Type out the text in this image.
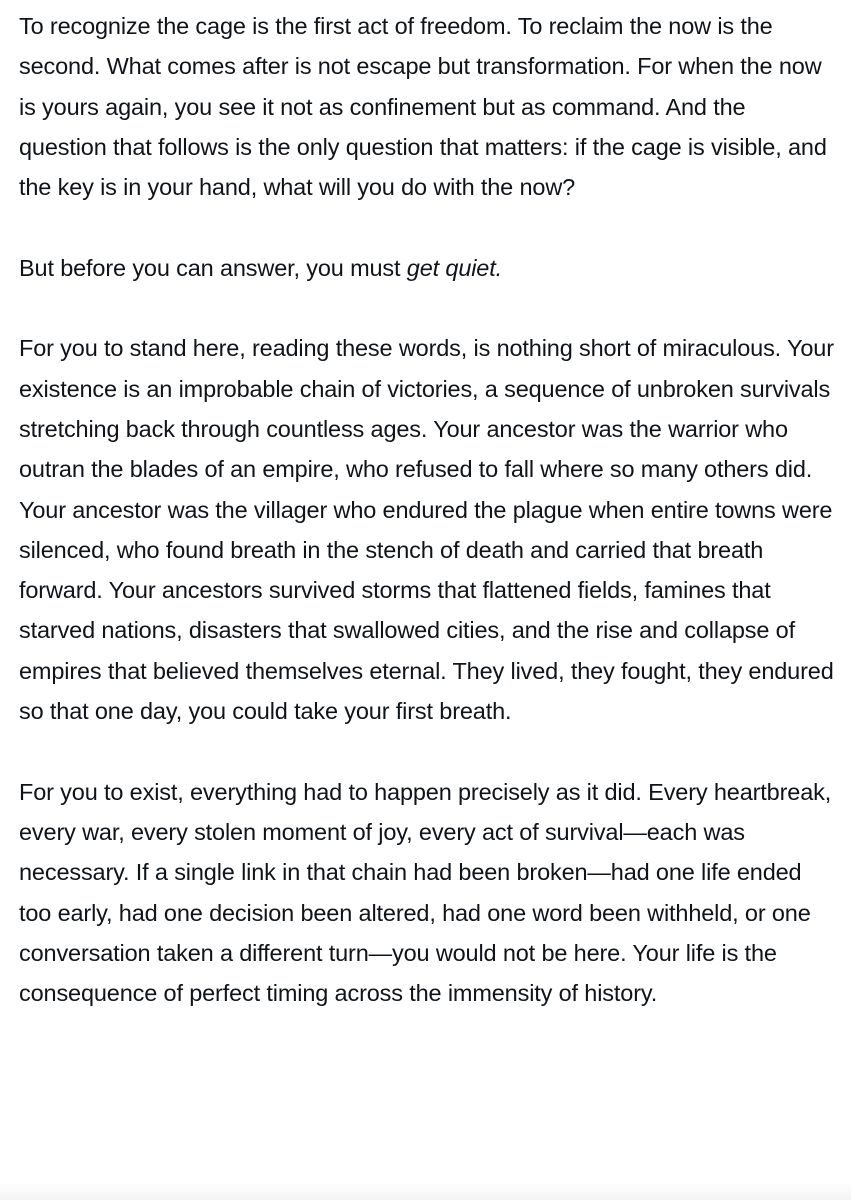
To recognize the cage is the first act of freedom. To reclaim the now is the second. What comes after is not escape but transformation. For when the now is yours again, you see it not as confinement but as command. And the question that follows is the only question that matters: if the cage is visible, and the key is in your hand, what will you do with the now?

But before you can answer, you must get quiet.

For you to stand here, reading these words, is nothing short of miraculous. Your existence is an improbable chain of victories, a sequence of unbroken survivals stretching back through countless ages. Your ancestor was the warrior who outran the blades of an empire, who refused to fall where so many others did. Your ancestor was the villager who endured the plague when entire towns were silenced, who found breath in the stench of death and carried that breath forward. Your ancestors survived storms that flattened fields, famines that starved nations, disasters that swallowed cities, and the rise and collapse of empires that believed themselves eternal. They lived, they fought, they endured so that one day, you could take your first breath.

For you to exist, everything had to happen precisely as it did. Every heartbreak, every war, every stolen moment of joy, every act of survival—each was necessary. If a single link in that chain had been broken—had one life ended too early, had one decision been altered, had one word been withheld, or one conversation taken a different turn—you would not be here. Your life is the consequence of perfect timing across the immensity of history.
